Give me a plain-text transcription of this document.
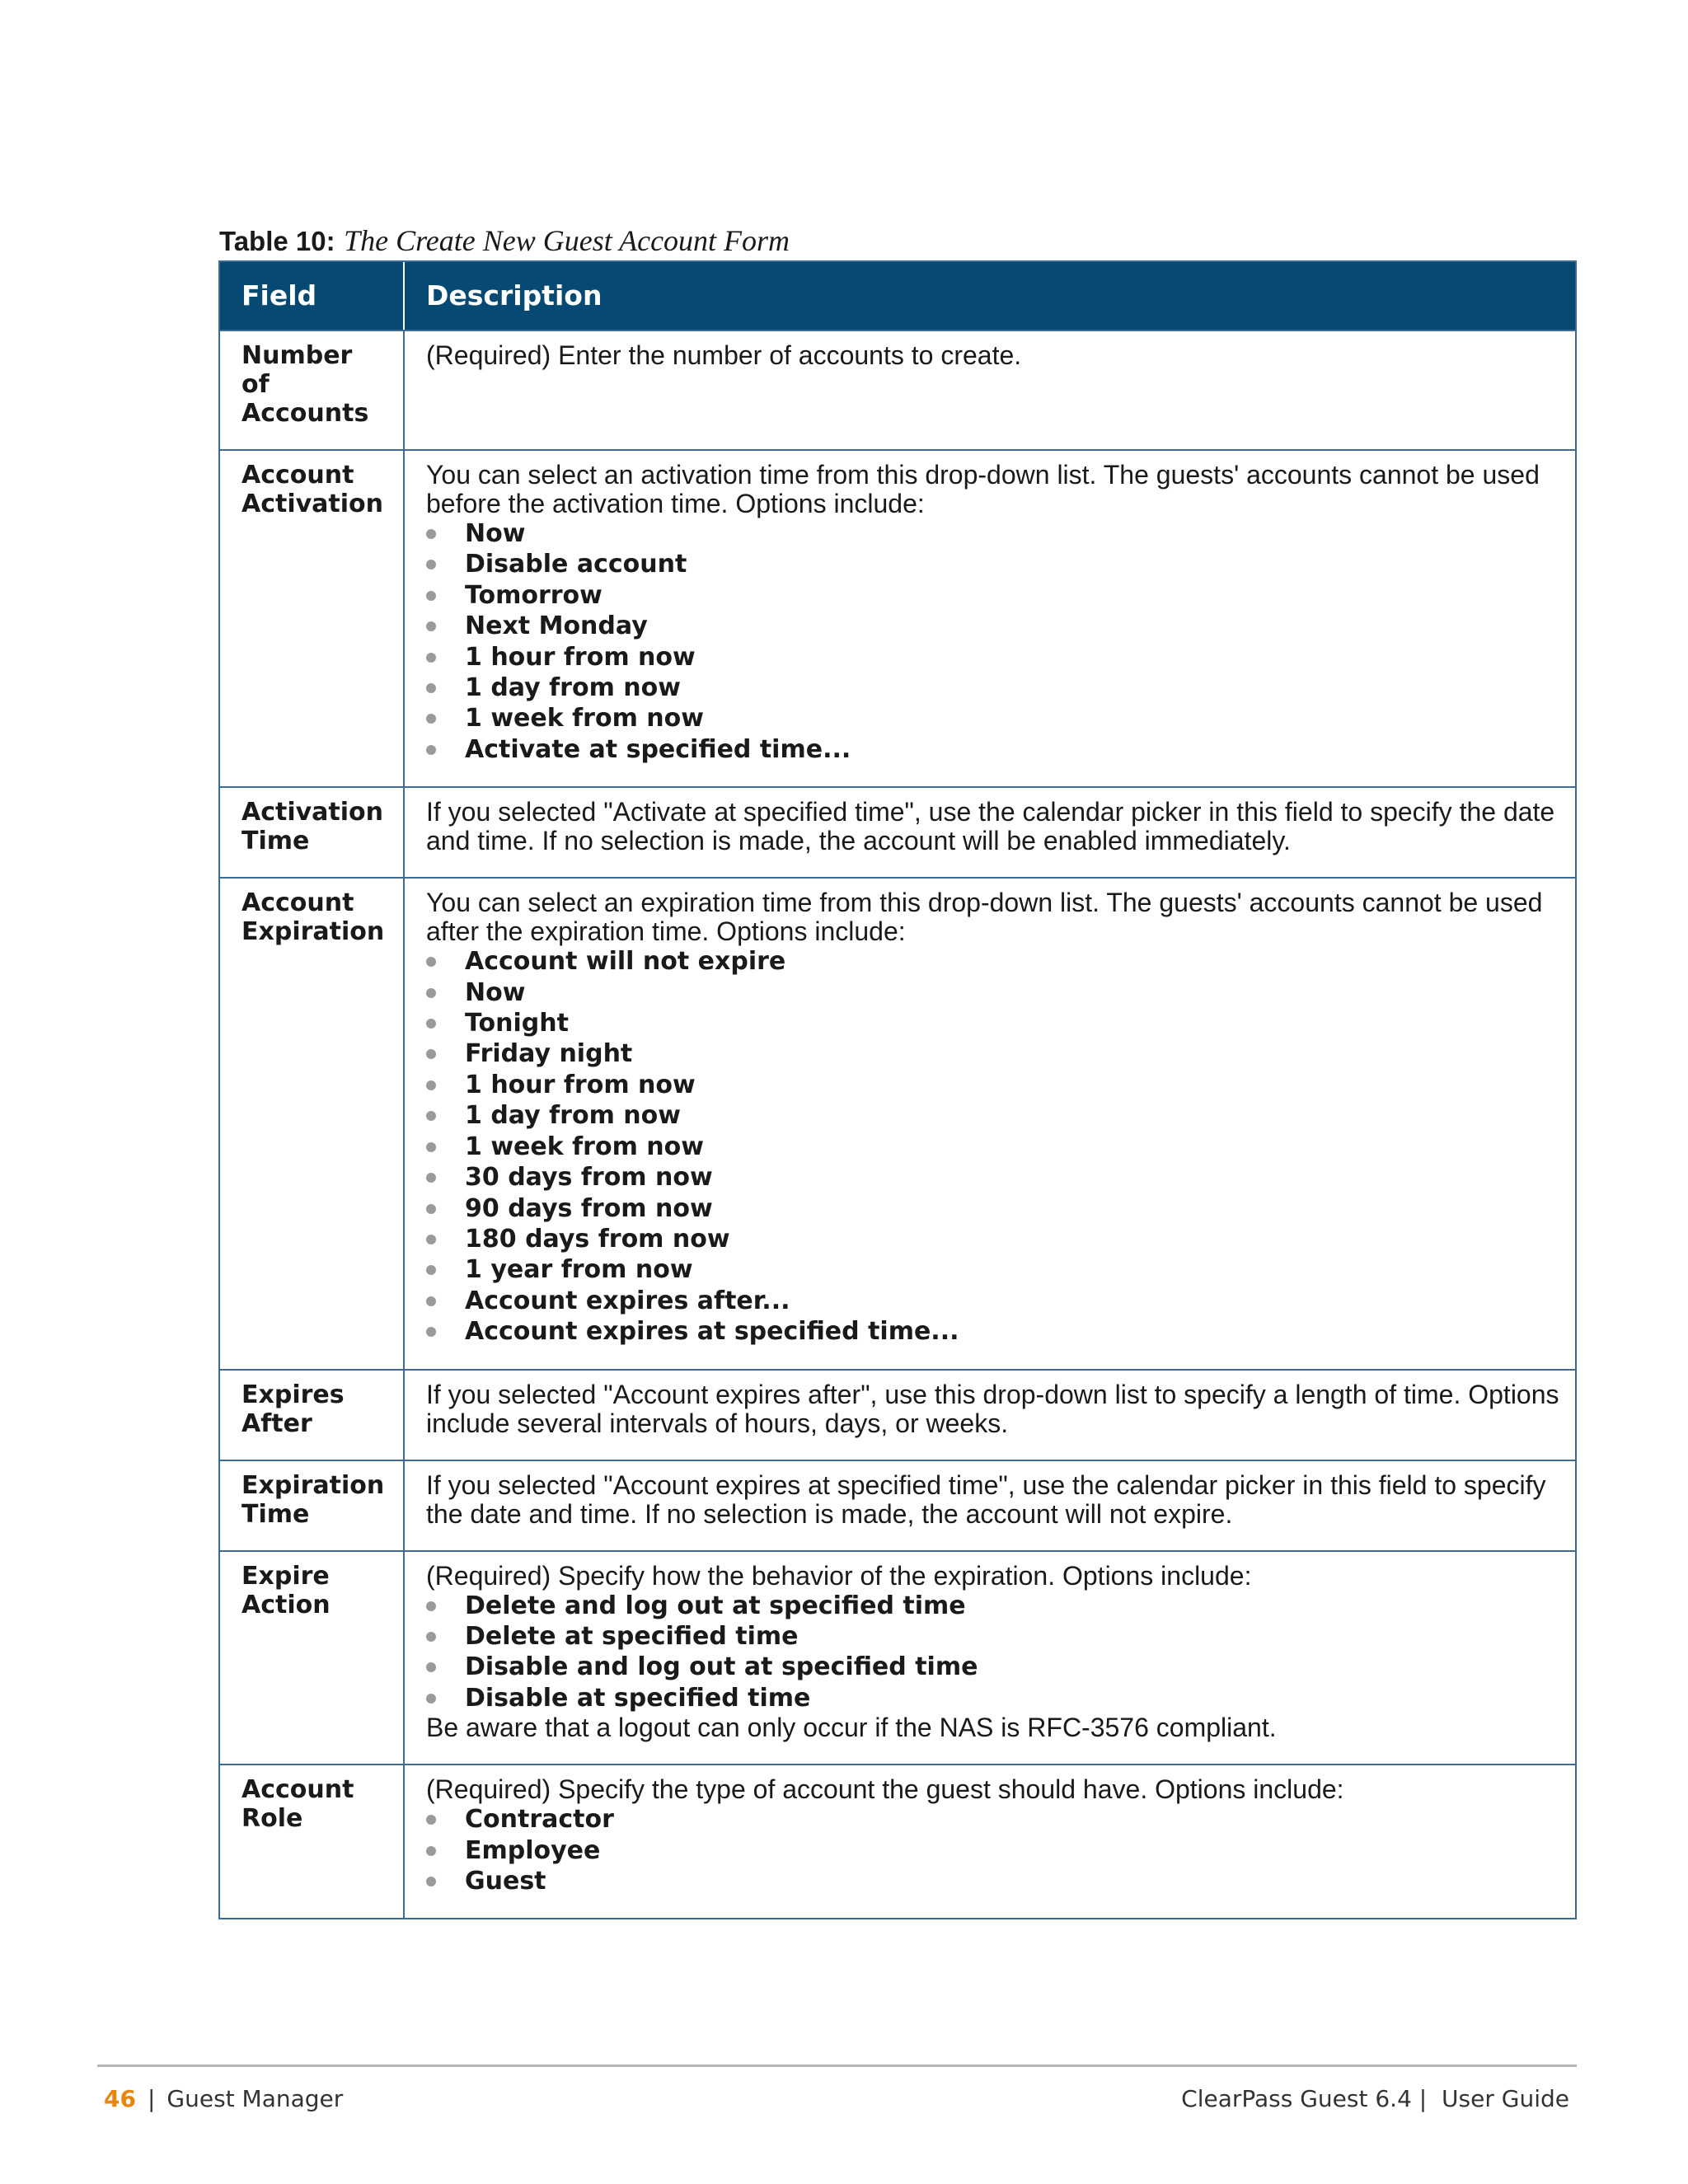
Table 10: The Create New Guest Account Form
Field	Description
Number of Accounts

(Required) Enter the number of accounts to create.

Account Activation

You can select an activation time from this drop-down list. The guests' accounts cannot be used before the activation time. Options include:

Now
Disable account
Tomorrow
Next Monday
1 hour from now
1 day from now
1 week from now
Activate at specified time...
Activation Time

If you selected "Activate at specified time", use the calendar picker in this field to specify the date and time. If no selection is made, the account will be enabled immediately.

Account Expiration

You can select an expiration time from this drop-down list. The guests' accounts cannot be used after the expiration time. Options include:

Account will not expire
Now
Tonight
Friday night
1 hour from now
1 day from now
1 week from now
30 days from now
90 days from now
180 days from now
1 year from now
Account expires after...
Account expires at specified time...
Expires After

If you selected "Account expires after", use this drop-down list to specify a length of time. Options include several intervals of hours, days, or weeks.

Expiration Time

If you selected "Account expires at specified time", use the calendar picker in this field to specify the date and time. If no selection is made, the account will not expire.

Expire Action

(Required) Specify how the behavior of the expiration. Options include:

Delete and log out at specified time
Delete at specified time
Disable and log out at specified time
Disable at specified time

Be aware that a logout can only occur if the NAS is RFC-3576 compliant.

Account Role

(Required) Specify the type of account the guest should have. Options include:

Contractor
Employee
Guest
46 | Guest Manager	ClearPass Guest 6.4 | User Guide
